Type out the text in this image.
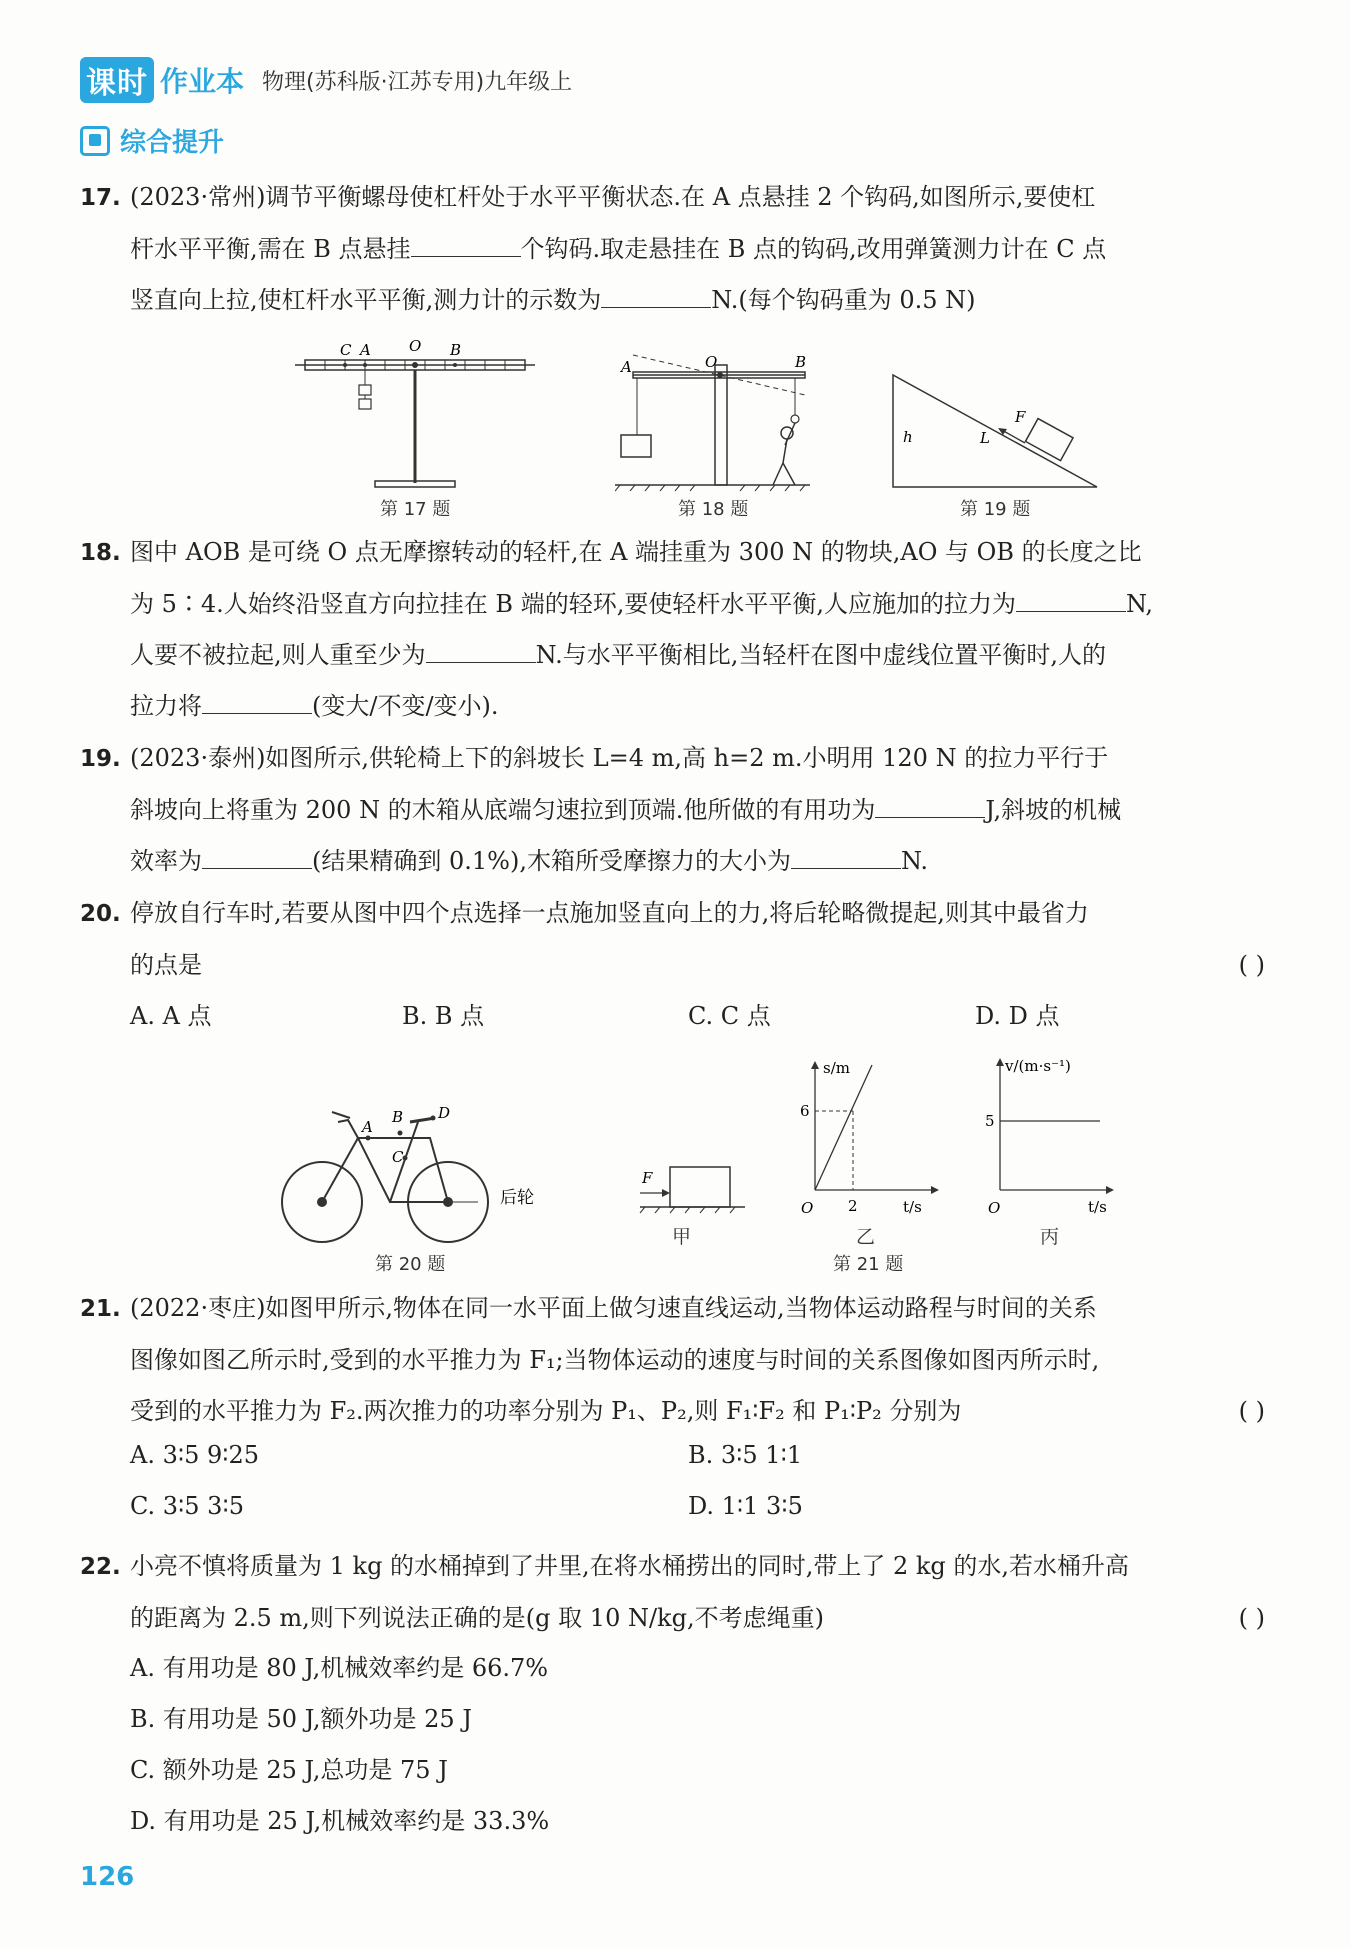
课时 作业本 物理(苏科版·江苏专用)九年级上
综合提升
17. (2023·常州)调节平衡螺母使杠杆处于水平平衡状态.在 A 点悬挂 2 个钩码,如图所示,要使杠
杆水平平衡,需在 B 点悬挂	个钩码.取走悬挂在 B 点的钩码,改用弹簧测力计在 C 点
竖直向上拉,使杠杆水平平衡,测力计的示数为	N.(每个钩码重为 0.5 N)
C A	O B
第 17 题
A	O	B
第 18 题
h	L
F
第 19 题
18. 图中 AOB 是可绕 O 点无摩擦转动的轻杆,在 A 端挂重为 300 N 的物块,AO 与 OB 的长度之比
为 5∶4.人始终沿竖直方向拉挂在 B 端的轻环,要使轻杆水平平衡,人应施加的拉力为	N,
人要不被拉起,则人重至少为	N.与水平平衡相比,当轻杆在图中虚线位置平衡时,人的
拉力将	(变大/不变/变小).
19. (2023·泰州)如图所示,供轮椅上下的斜坡长 L=4 m,高 h=2 m.小明用 120 N 的拉力平行于
斜坡向上将重为 200 N 的木箱从底端匀速拉到顶端.他所做的有用功为	J,斜坡的机械
效率为	(结果精确到 0.1%),木箱所受摩擦力的大小为	N.
20. 停放自行车时,若要从图中四个点选择一点施加竖直向上的力,将后轮略微提起,则其中最省力
的点是	( )
A. A 点	B. B 点	C. C 点	D. D 点
A
B
C
D
后轮
第 20 题
F
甲
s/m
t/s
O
6
2
乙
第 21 题
v/(m·s⁻¹)
t/s
O
5
丙
21. (2022·枣庄)如图甲所示,物体在同一水平面上做匀速直线运动,当物体运动路程与时间的关系
图像如图乙所示时,受到的水平推力为 F₁;当物体运动的速度与时间的关系图像如图丙所示时,
受到的水平推力为 F₂.两次推力的功率分别为 P₁、P₂,则 F₁∶F₂ 和 P₁∶P₂ 分别为	( )
A. 3∶5 9∶25	B. 3∶5 1∶1
C. 3∶5 3∶5	D. 1∶1 3∶5
22. 小亮不慎将质量为 1 kg 的水桶掉到了井里,在将水桶捞出的同时,带上了 2 kg 的水,若水桶升高
的距离为 2.5 m,则下列说法正确的是(g 取 10 N/kg,不考虑绳重)	( )
A. 有用功是 80 J,机械效率约是 66.7%
B. 有用功是 50 J,额外功是 25 J
C. 额外功是 25 J,总功是 75 J
D. 有用功是 25 J,机械效率约是 33.3%
126
